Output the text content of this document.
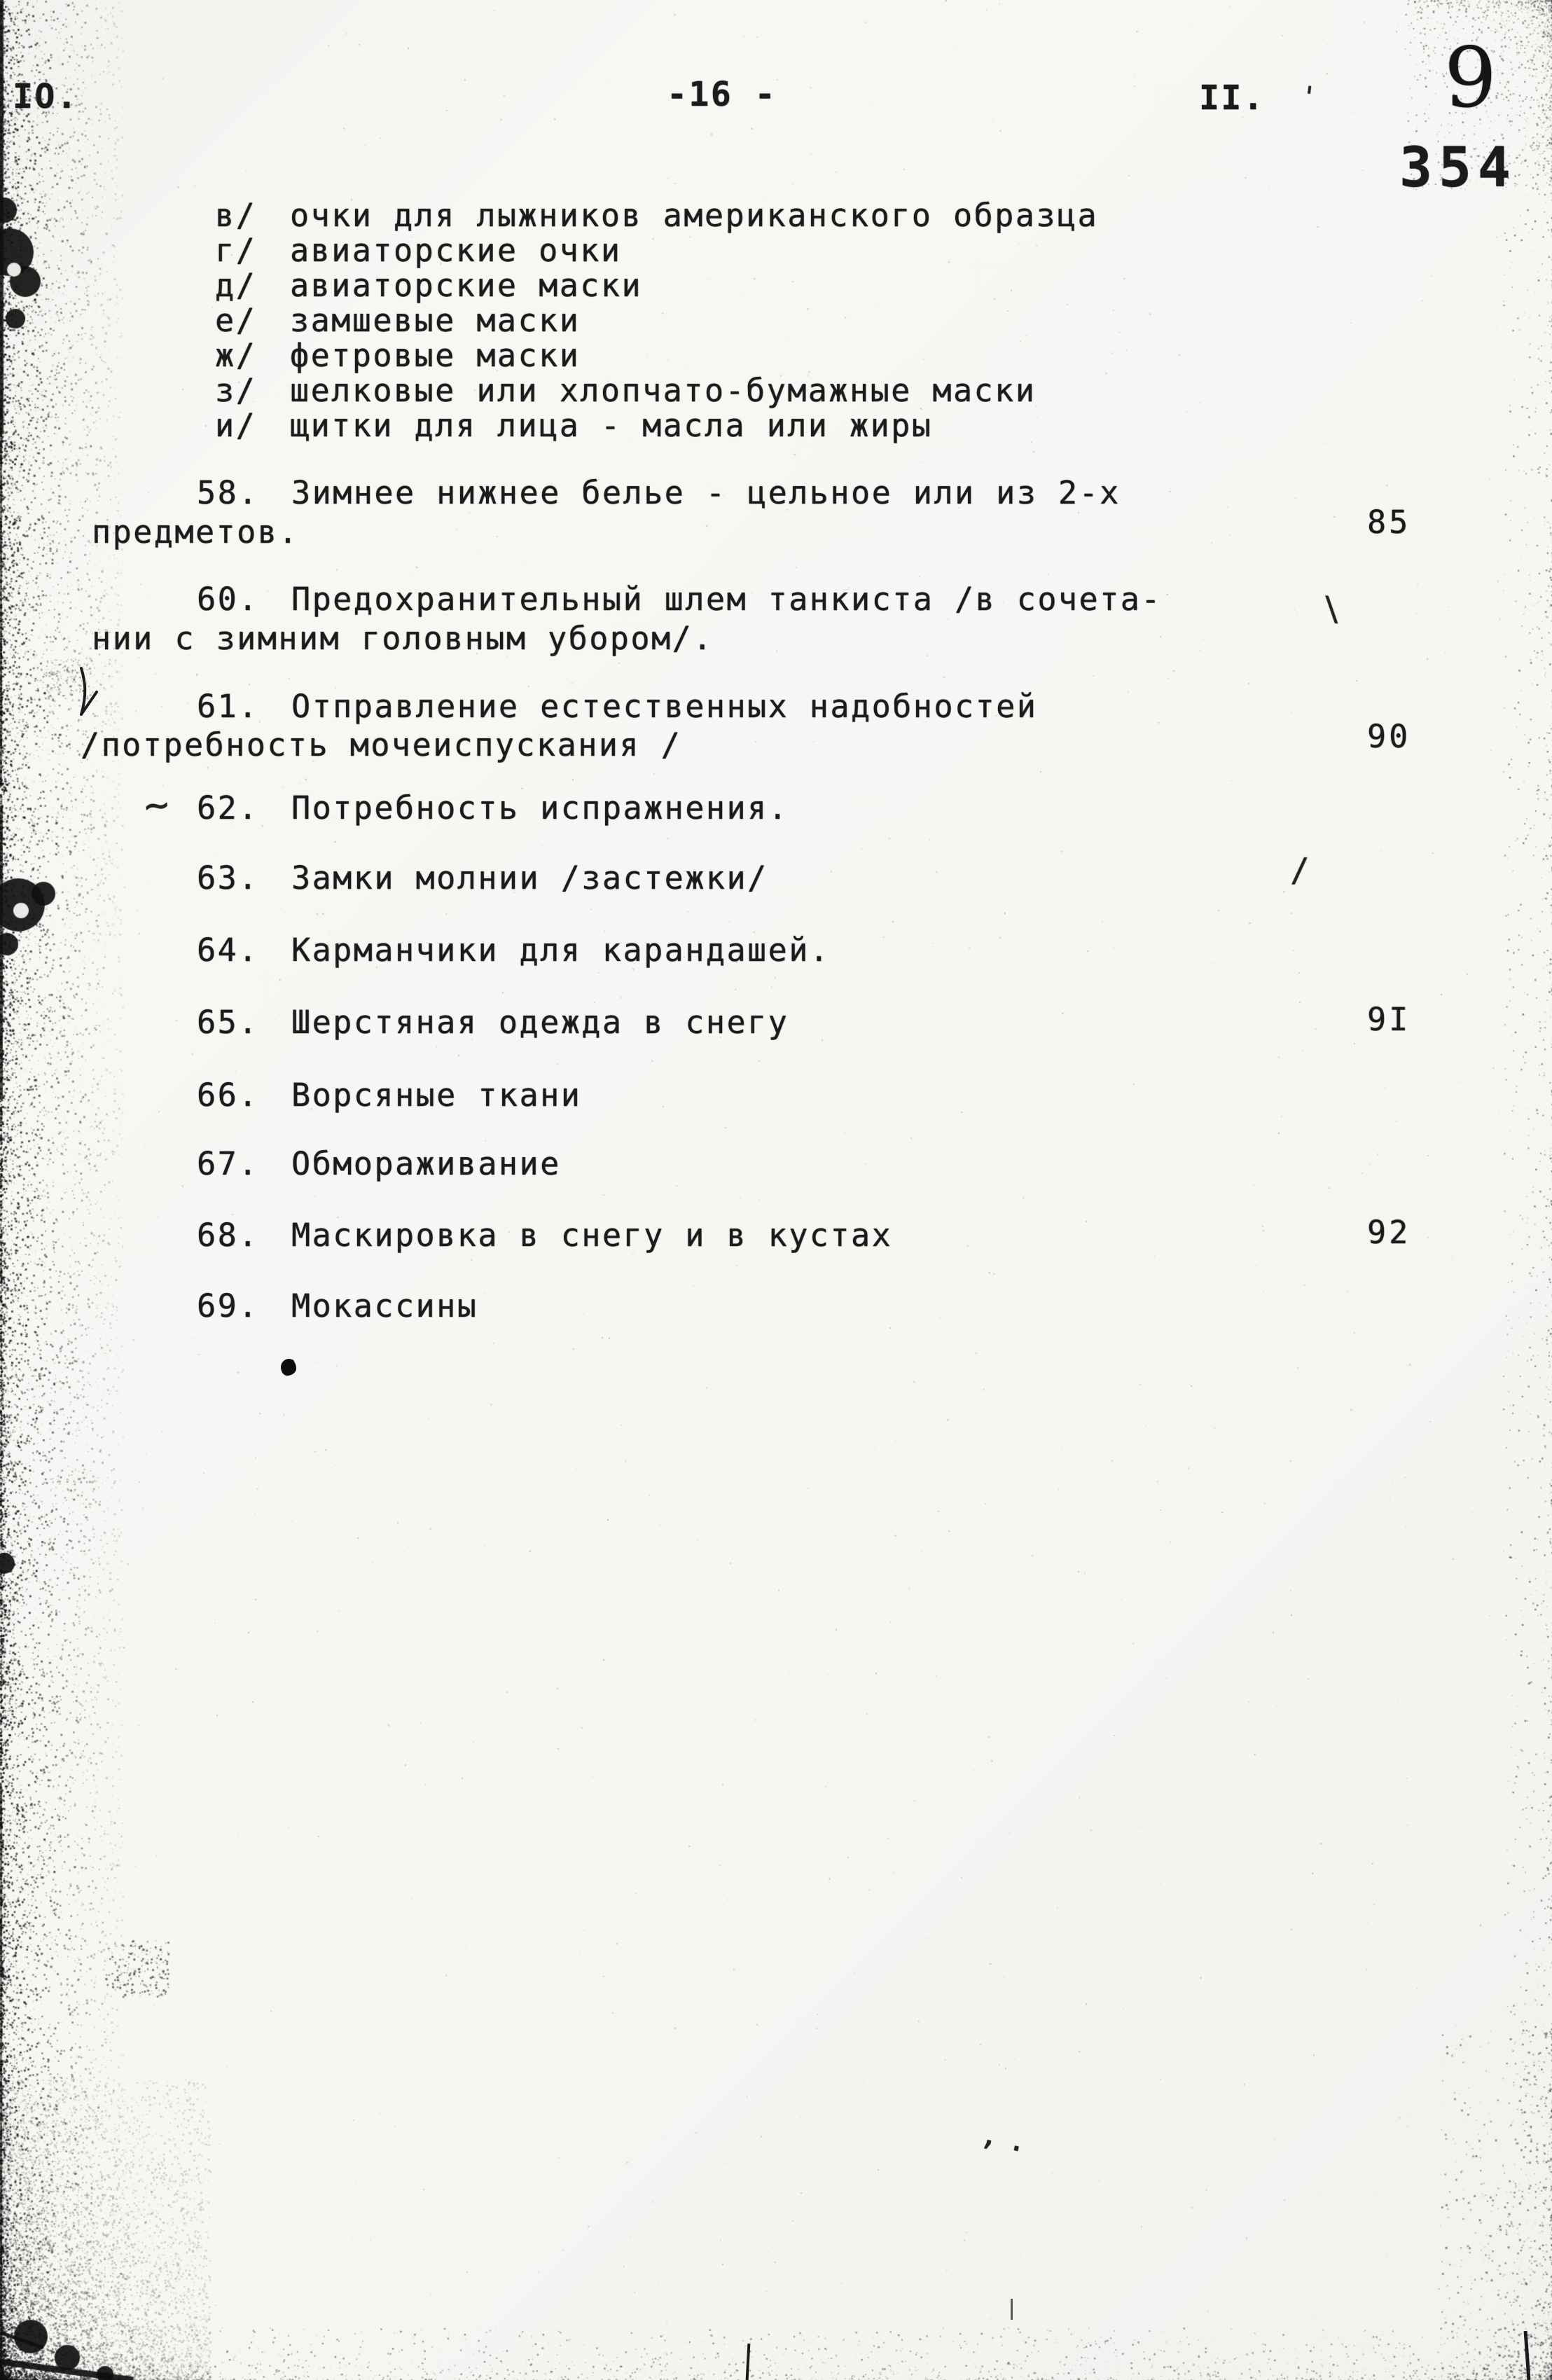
IO.	-16 -	II. ' 9
354
в/ очки для лыжников американского образца
г/ авиаторские очки
д/ авиаторские маски
е/ замшевые маски
ж/ фетровые маски
з/ шелковые или хлопчато-бумажные маски
и/ щитки для лица - масла или жиры
58. Зимнее нижнее белье - цельное или из 2-х
предметов.	85
60. Предохранительный шлем танкиста /в сочета-
нии с зимним головным убором/.
\
61. Отправление естественных надобностей
/потребность мочеиспускания /	90
62. Потребность испражнения.
~
63. Замки молнии /застежки/	/
64. Карманчики для карандашей.
65. Шерстяная одежда в снегу	9I
66. Ворсяные ткани
67. Обмораживание
68. Маскировка в снегу и в кустах	92
69. Мокассины
,.
